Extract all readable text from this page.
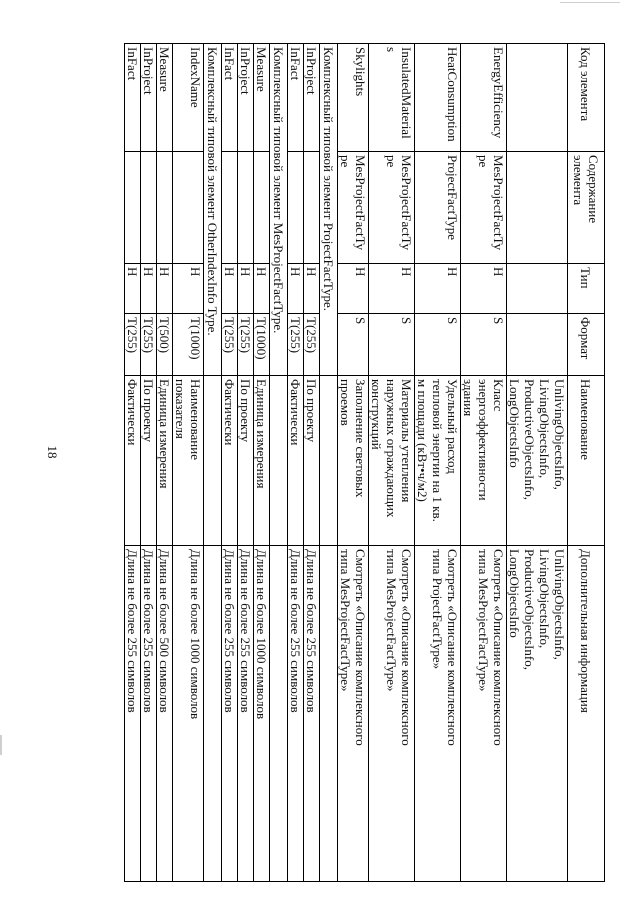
18
Код элемента	Содержание элемента	Тип	Формат	Наименование	Дополнительная информация
				UnlivingObjectsInfo,
LivingObjectsInfo,
ProductiveObjectsInfo,
LongObjectsInfo	UnlivingObjectsInfo,
LivingObjectsInfo,
ProductiveObjectsInfo,
LongObjectsInfo
EnergyEfficiency	MesProjectFactTy
pe	Н	S	Класс
энергоэффективности
здания	Смотреть «Описание комплексного
типа MesProjectFactType»
HeatConsumption	ProjectFactType	Н	S	Удельный расход
тепловой энергии на 1 кв.
м площади (кВт•ч/м2)	Смотреть «Описание комплексного
типа ProjectFactType»
InsulatedMaterial
s	MesProjectFactTy
pe	Н	S	Материалы утепления
наружных ограждающих
конструкций	Смотреть «Описание комплексного
типа MesProjectFactType»
Skylights	MesProjectFactTy
pe	Н	S	Заполнение световых
проемов	Смотреть «Описание комплексного
типа MesProjectFactType»
Комплексный типовой элемент ProjectFactType.					
InProject		Н	T(255)	По проекту	Длина не более 255 символов
InFact		Н	T(255)	Фактически	Длина не более 255 символов
Комплексный типовой элемент MesProjectFactType.					
Measure		Н	T(1000)	Единица измерения	Длина не более 1000 символов
InProject		Н	T(255)	По проекту	Длина не более 255 символов
InFact		Н	T(255)	Фактически	Длина не более 255 символов
Комплексный типовой элемент OtherIndexInfo Type.					
IndexName		Н	T(1000)	Наименование
показателя	Длина не более 1000 символов
Measure		Н	T(500)	Единица измерения	Длина не более 500 символов
InProject		Н	T(255)	По проекту	Длина не более 255 символов
InFact		Н	T(255)	Фактически	Длина не более 255 символов
